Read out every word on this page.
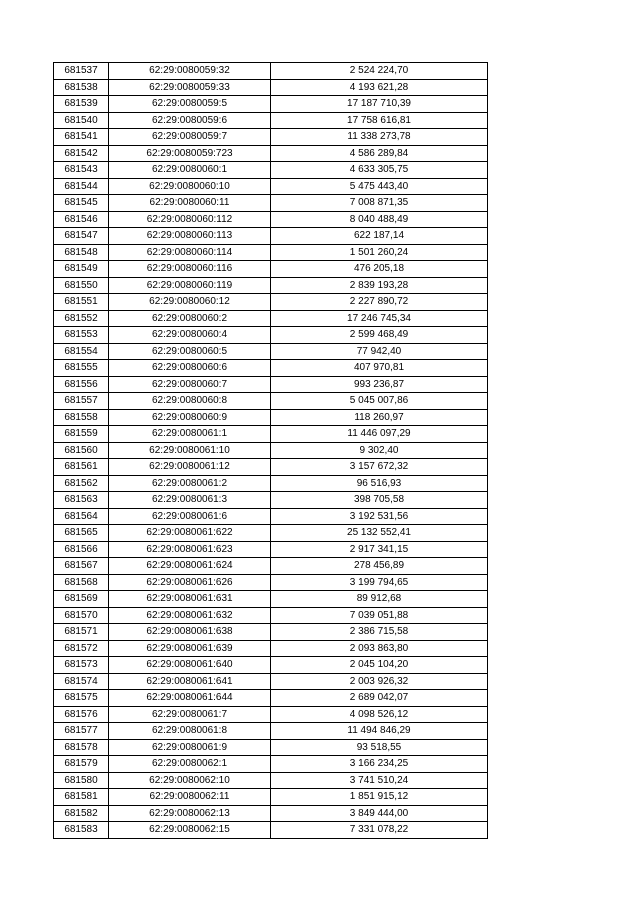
681537	62:29:0080059:32	2 524 224,70
681538	62:29:0080059:33	4 193 621,28
681539	62:29:0080059:5	17 187 710,39
681540	62:29:0080059:6	17 758 616,81
681541	62:29:0080059:7	11 338 273,78
681542	62:29:0080059:723	4 586 289,84
681543	62:29:0080060:1	4 633 305,75
681544	62:29:0080060:10	5 475 443,40
681545	62:29:0080060:11	7 008 871,35
681546	62:29:0080060:112	8 040 488,49
681547	62:29:0080060:113	622 187,14
681548	62:29:0080060:114	1 501 260,24
681549	62:29:0080060:116	476 205,18
681550	62:29:0080060:119	2 839 193,28
681551	62:29:0080060:12	2 227 890,72
681552	62:29:0080060:2	17 246 745,34
681553	62:29:0080060:4	2 599 468,49
681554	62:29:0080060:5	77 942,40
681555	62:29:0080060:6	407 970,81
681556	62:29:0080060:7	993 236,87
681557	62:29:0080060:8	5 045 007,86
681558	62:29:0080060:9	118 260,97
681559	62:29:0080061:1	11 446 097,29
681560	62:29:0080061:10	9 302,40
681561	62:29:0080061:12	3 157 672,32
681562	62:29:0080061:2	96 516,93
681563	62:29:0080061:3	398 705,58
681564	62:29:0080061:6	3 192 531,56
681565	62:29:0080061:622	25 132 552,41
681566	62:29:0080061:623	2 917 341,15
681567	62:29:0080061:624	278 456,89
681568	62:29:0080061:626	3 199 794,65
681569	62:29:0080061:631	89 912,68
681570	62:29:0080061:632	7 039 051,88
681571	62:29:0080061:638	2 386 715,58
681572	62:29:0080061:639	2 093 863,80
681573	62:29:0080061:640	2 045 104,20
681574	62:29:0080061:641	2 003 926,32
681575	62:29:0080061:644	2 689 042,07
681576	62:29:0080061:7	4 098 526,12
681577	62:29:0080061:8	11 494 846,29
681578	62:29:0080061:9	93 518,55
681579	62:29:0080062:1	3 166 234,25
681580	62:29:0080062:10	3 741 510,24
681581	62:29:0080062:11	1 851 915,12
681582	62:29:0080062:13	3 849 444,00
681583	62:29:0080062:15	7 331 078,22
